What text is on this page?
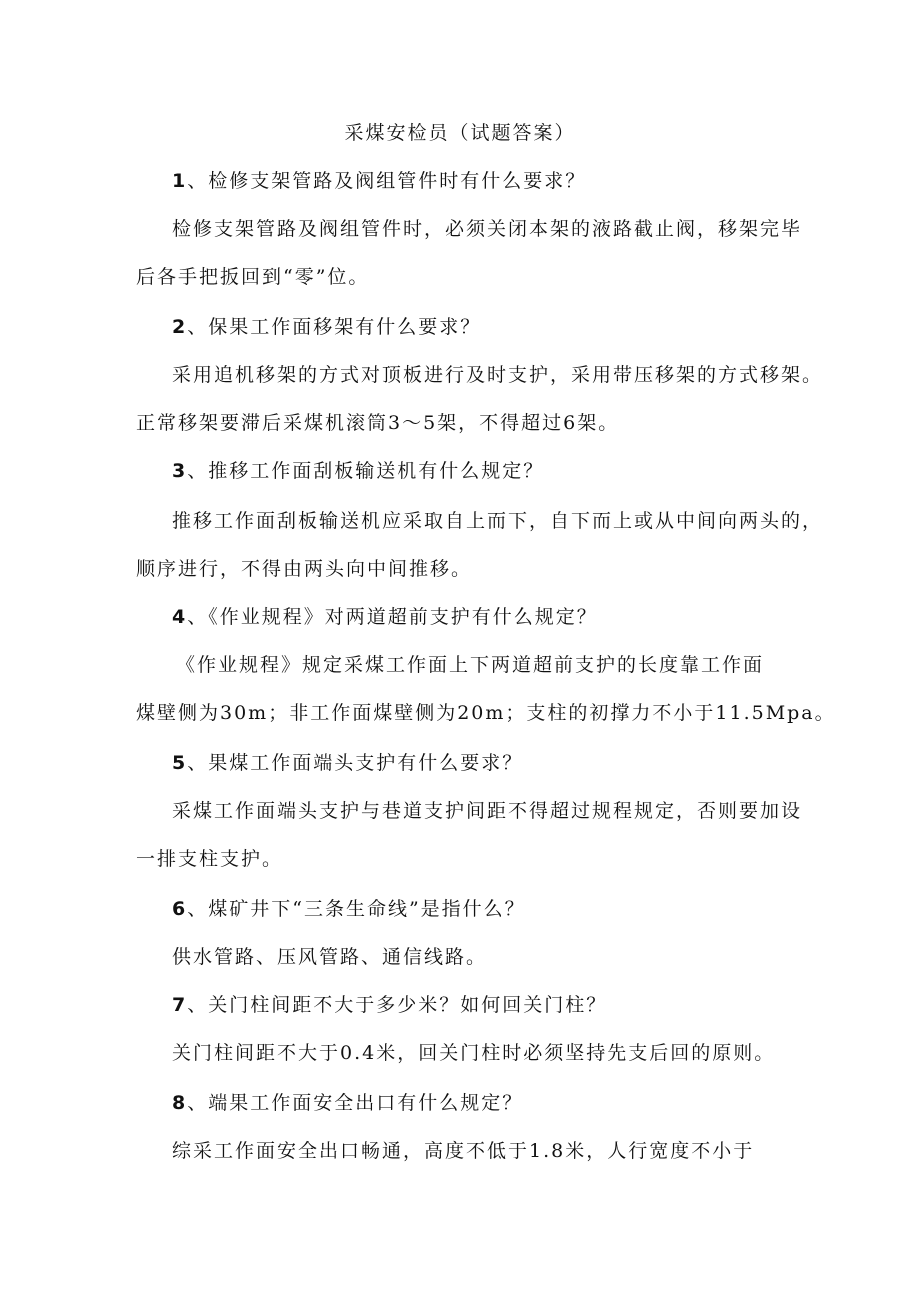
采煤安检员（试题答案）
1、检修支架管路及阀组管件时有什么要求？
检修支架管路及阀组管件时，必须关闭本架的液路截止阀，移架完毕
后各手把扳回到“零”位。
2、保果工作面移架有什么要求？
采用追机移架的方式对顶板进行及时支护，采用带压移架的方式移架。
正常移架要滞后采煤机滚筒3～5架，不得超过6架。
3、推移工作面刮板输送机有什么规定？
推移工作面刮板输送机应采取自上而下，自下而上或从中间向两头的，
顺序进行，不得由两头向中间推移。
4、《作业规程》对两道超前支护有什么规定？
《作业规程》规定采煤工作面上下两道超前支护的长度靠工作面
煤壁侧为30m；非工作面煤壁侧为20m；支柱的初撑力不小于11.5Mpa。
5、果煤工作面端头支护有什么要求？
采煤工作面端头支护与巷道支护间距不得超过规程规定，否则要加设
一排支柱支护。
6、煤矿井下“三条生命线”是指什么？
供水管路、压风管路、通信线路。
7、关门柱间距不大于多少米？如何回关门柱？
关门柱间距不大于0.4米，回关门柱时必须坚持先支后回的原则。
8、端果工作面安全出口有什么规定？
综采工作面安全出口畅通，高度不低于1.8米，人行宽度不小于
